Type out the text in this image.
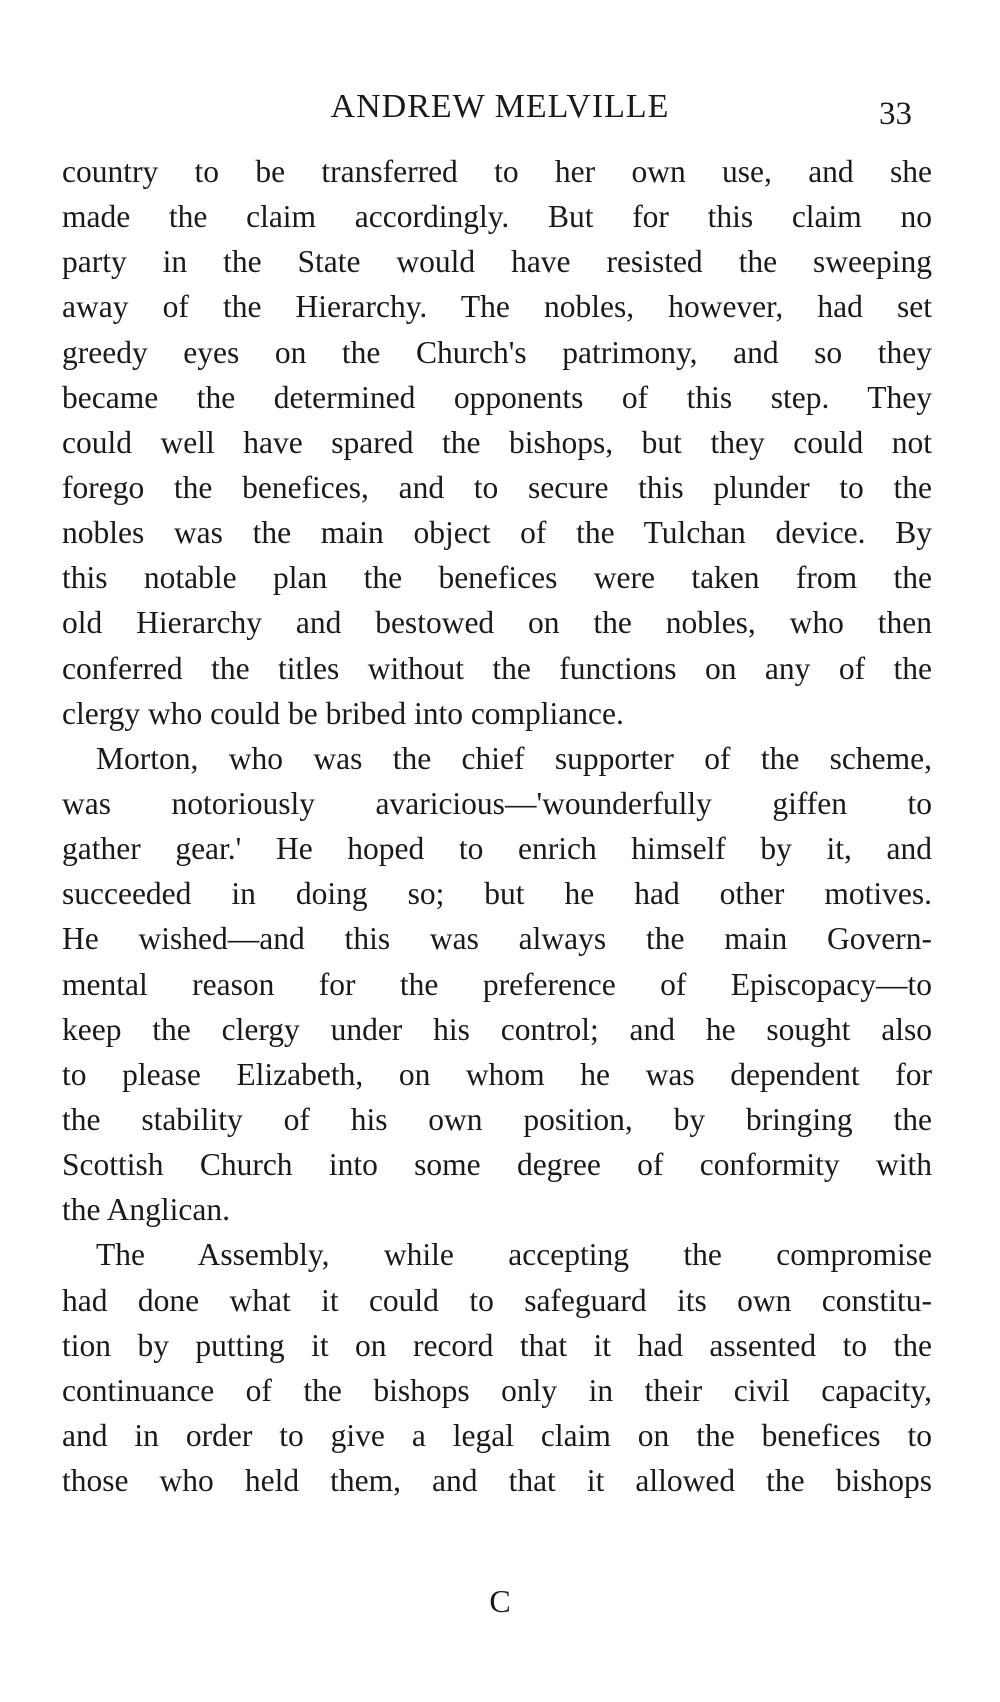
ANDREW MELVILLE	33
country to be transferred to her own use, and she
made the claim accordingly. But for this claim no
party in the State would have resisted the sweeping
away of the Hierarchy. The nobles, however, had set
greedy eyes on the Church's patrimony, and so they
became the determined opponents of this step. They
could well have spared the bishops, but they could not
forego the benefices, and to secure this plunder to the
nobles was the main object of the Tulchan device. By
this notable plan the benefices were taken from the
old Hierarchy and bestowed on the nobles, who then
conferred the titles without the functions on any of the
clergy who could be bribed into compliance.
Morton, who was the chief supporter of the scheme,
was notoriously avaricious—'wounderfully giffen to
gather gear.' He hoped to enrich himself by it, and
succeeded in doing so; but he had other motives.
He wished—and this was always the main Govern-
mental reason for the preference of Episcopacy—to
keep the clergy under his control; and he sought also
to please Elizabeth, on whom he was dependent for
the stability of his own position, by bringing the
Scottish Church into some degree of conformity with
the Anglican.
The Assembly, while accepting the compromise
had done what it could to safeguard its own constitu-
tion by putting it on record that it had assented to the
continuance of the bishops only in their civil capacity,
and in order to give a legal claim on the benefices to
those who held them, and that it allowed the bishops
C
